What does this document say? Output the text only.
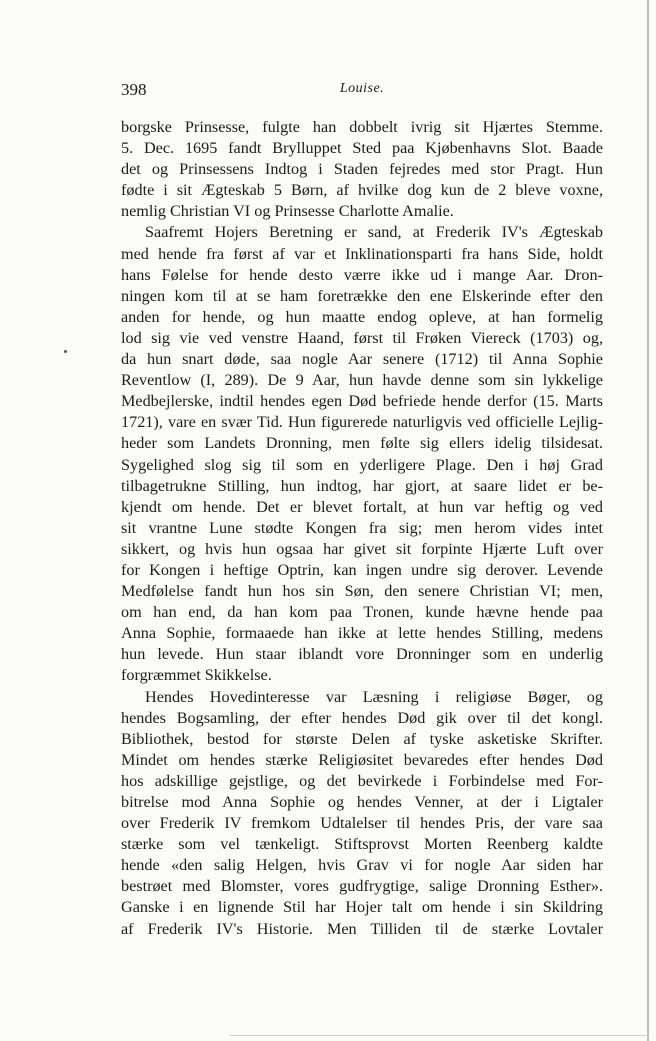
398	Louise.
borgske Prinsesse, fulgte han dobbelt ivrig sit Hjærtes Stemme.
5. Dec. 1695 fandt Brylluppet Sted paa Kjøbenhavns Slot. Baade
det og Prinsessens Indtog i Staden fejredes med stor Pragt. Hun
fødte i sit Ægteskab 5 Børn, af hvilke dog kun de 2 bleve voxne,
nemlig Christian VI og Prinsesse Charlotte Amalie.
Saafremt Hojers Beretning er sand, at Frederik IV's Ægteskab
med hende fra først af var et Inklinationsparti fra hans Side, holdt
hans Følelse for hende desto værre ikke ud i mange Aar. Dron-
ningen kom til at se ham foretrække den ene Elskerinde efter den
anden for hende, og hun maatte endog opleve, at han formelig
lod sig vie ved venstre Haand, først til Frøken Viereck (1703) og,
da hun snart døde, saa nogle Aar senere (1712) til Anna Sophie
Reventlow (I, 289). De 9 Aar, hun havde denne som sin lykkelige
Medbejlerske, indtil hendes egen Død befriede hende derfor (15. Marts
1721), vare en svær Tid. Hun figurerede naturligvis ved officielle Lejlig-
heder som Landets Dronning, men følte sig ellers idelig tilsidesat.
Sygelighed slog sig til som en yderligere Plage. Den i høj Grad
tilbagetrukne Stilling, hun indtog, har gjort, at saare lidet er be-
kjendt om hende. Det er blevet fortalt, at hun var heftig og ved
sit vrantne Lune stødte Kongen fra sig; men herom vides intet
sikkert, og hvis hun ogsaa har givet sit forpinte Hjærte Luft over
for Kongen i heftige Optrin, kan ingen undre sig derover. Levende
Medfølelse fandt hun hos sin Søn, den senere Christian VI; men,
om han end, da han kom paa Tronen, kunde hævne hende paa
Anna Sophie, formaaede han ikke at lette hendes Stilling, medens
hun levede. Hun staar iblandt vore Dronninger som en underlig
forgræmmet Skikkelse.
Hendes Hovedinteresse var Læsning i religiøse Bøger, og
hendes Bogsamling, der efter hendes Død gik over til det kongl.
Bibliothek, bestod for største Delen af tyske asketiske Skrifter.
Mindet om hendes stærke Religiøsitet bevaredes efter hendes Død
hos adskillige gejstlige, og det bevirkede i Forbindelse med For-
bitrelse mod Anna Sophie og hendes Venner, at der i Ligtaler
over Frederik IV fremkom Udtalelser til hendes Pris, der vare saa
stærke som vel tænkeligt. Stiftsprovst Morten Reenberg kaldte
hende «den salig Helgen, hvis Grav vi for nogle Aar siden har
bestrøet med Blomster, vores gudfrygtige, salige Dronning Esther».
Ganske i en lignende Stil har Hojer talt om hende i sin Skildring
af Frederik IV's Historie. Men Tilliden til de stærke Lovtaler
